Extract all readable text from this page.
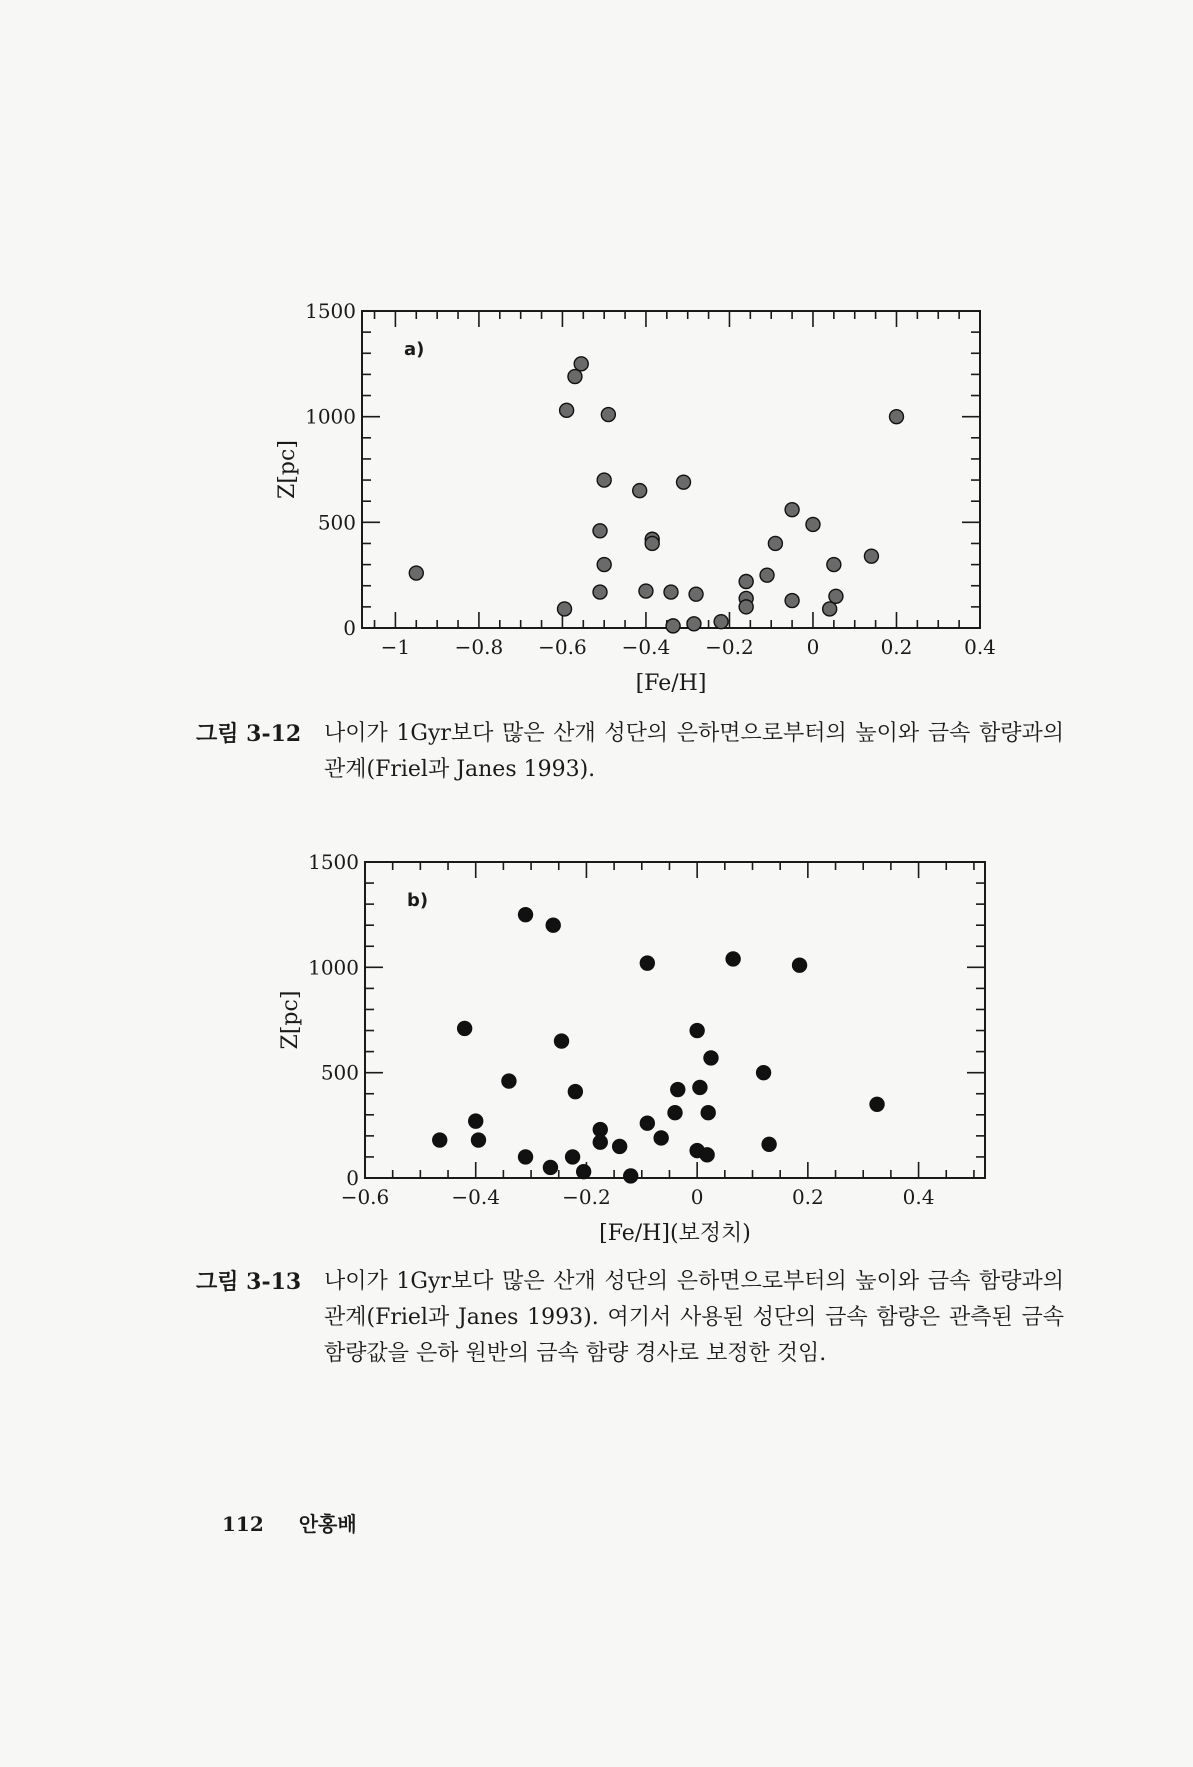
−1 −0.8 −0.6 −0.4 −0.2	0	0.2	0.4
0
500
1000
1500
[Fe/H]
Z[pc]
a)
−0.6	−0.4	−0.2	0	0.2	0.4
0
500
1000
1500
[Fe/H](보정치)
Z[pc]
b)
그림 3-12 나이가 1Gyr보다 많은 산개 성단의 은하면으로부터의 높이와 금속 함량과의 관계(Friel과 Janes 1993).
그림 3-13 나이가 1Gyr보다 많은 산개 성단의 은하면으로부터의 높이와 금속 함량과의 관계(Friel과 Janes 1993). 여기서 사용된 성단의 금속 함량은 관측된 금속 함량값을 은하 원반의 금속 함량 경사로 보정한 것임.
112 안홍배
